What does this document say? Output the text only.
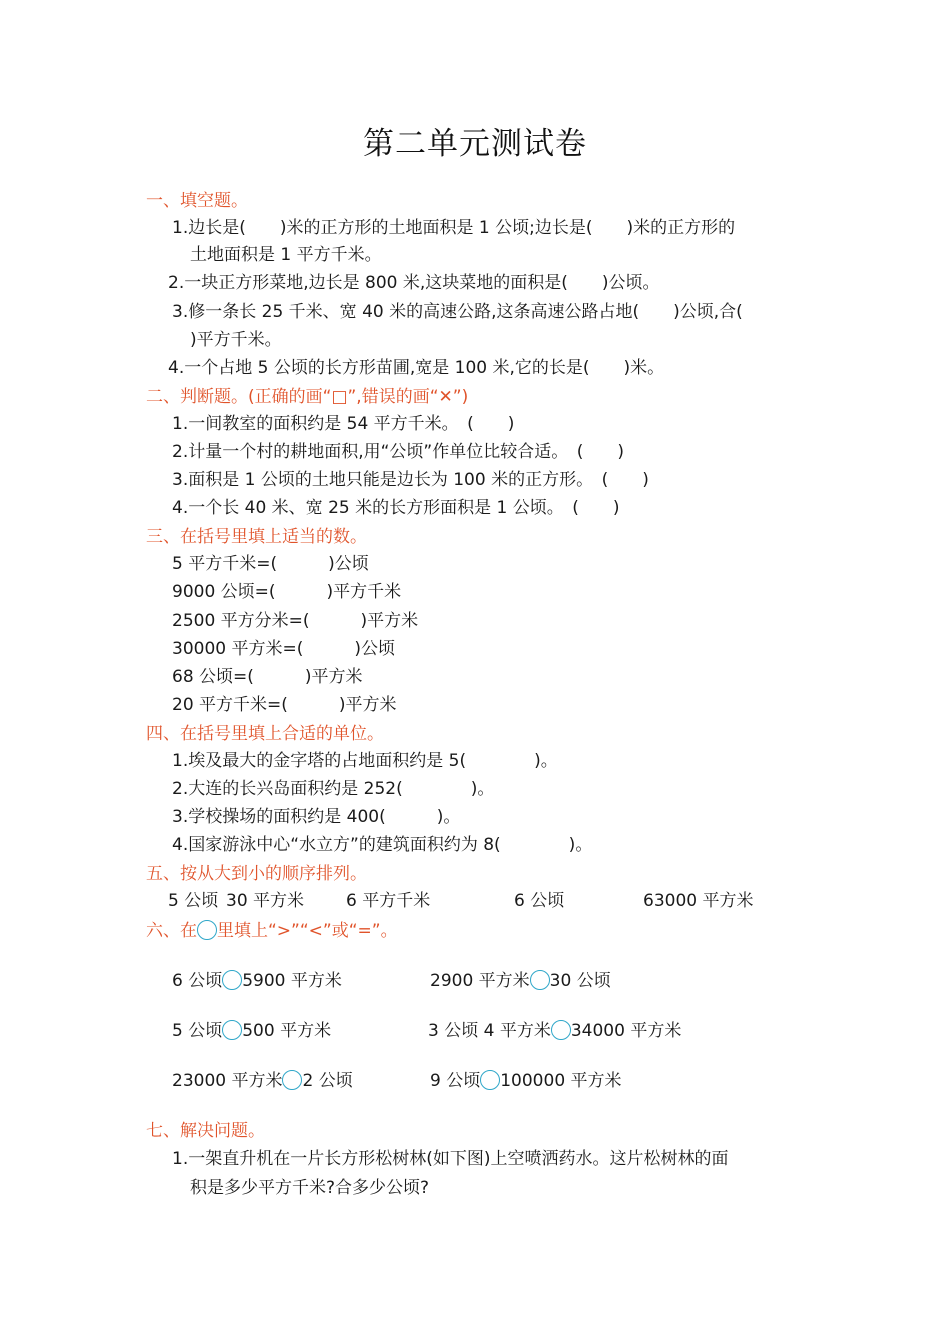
第二单元测试卷
一、填空题。
1.边长是(　　)米的正方形的土地面积是 1 公顷;边长是(　　)米的正方形的
土地面积是 1 平方千米。
2.一块正方形菜地,边长是 800 米,这块菜地的面积是(　　)公顷。
3.修一条长 25 千米、宽 40 米的高速公路,这条高速公路占地(　　)公顷,合(
)平方千米。
4.一个占地 5 公顷的长方形苗圃,宽是 100 米,它的长是(　　)米。
二、判断题。(正确的画“□”,错误的画“✕”)
1.一间教室的面积约是 54 平方千米。　(　　)
2.计量一个村的耕地面积,用“公顷”作单位比较合适。　(　　)
3.面积是 1 公顷的土地只能是边长为 100 米的正方形。　(　　)
4.一个长 40 米、宽 25 米的长方形面积是 1 公顷。　(　　)
三、在括号里填上适当的数。
5 平方千米=(　　　)公顷
9000 公顷=(　　　)平方千米
2500 平方分米=(　　　)平方米
30000 平方米=(　　　)公顷
68 公顷=(　　　)平方米
20 平方千米=(　　　)平方米
四、在括号里填上合适的单位。
1.埃及最大的金字塔的占地面积约是 5(　　　　)。
2.大连的长兴岛面积约是 252(　　　　)。
3.学校操场的面积约是 400(　　　)。
4.国家游泳中心“水立方”的建筑面积约为 8(　　　　)。
五、按从大到小的顺序排列。
5 公顷 30 平方米 6 平方千米	6 公顷	63000 平方米
六、在 里填上“>”“<”或“=”。
6 公顷 5900 平方米	2900 平方米 30 公顷
5 公顷 500 平方米	3 公顷 4 平方米 34000 平方米
23000 平方米 2 公顷	9 公顷 100000 平方米
七、解决问题。
1.一架直升机在一片长方形松树林(如下图)上空喷洒药水。这片松树林的面
积是多少平方千米?合多少公顷?
